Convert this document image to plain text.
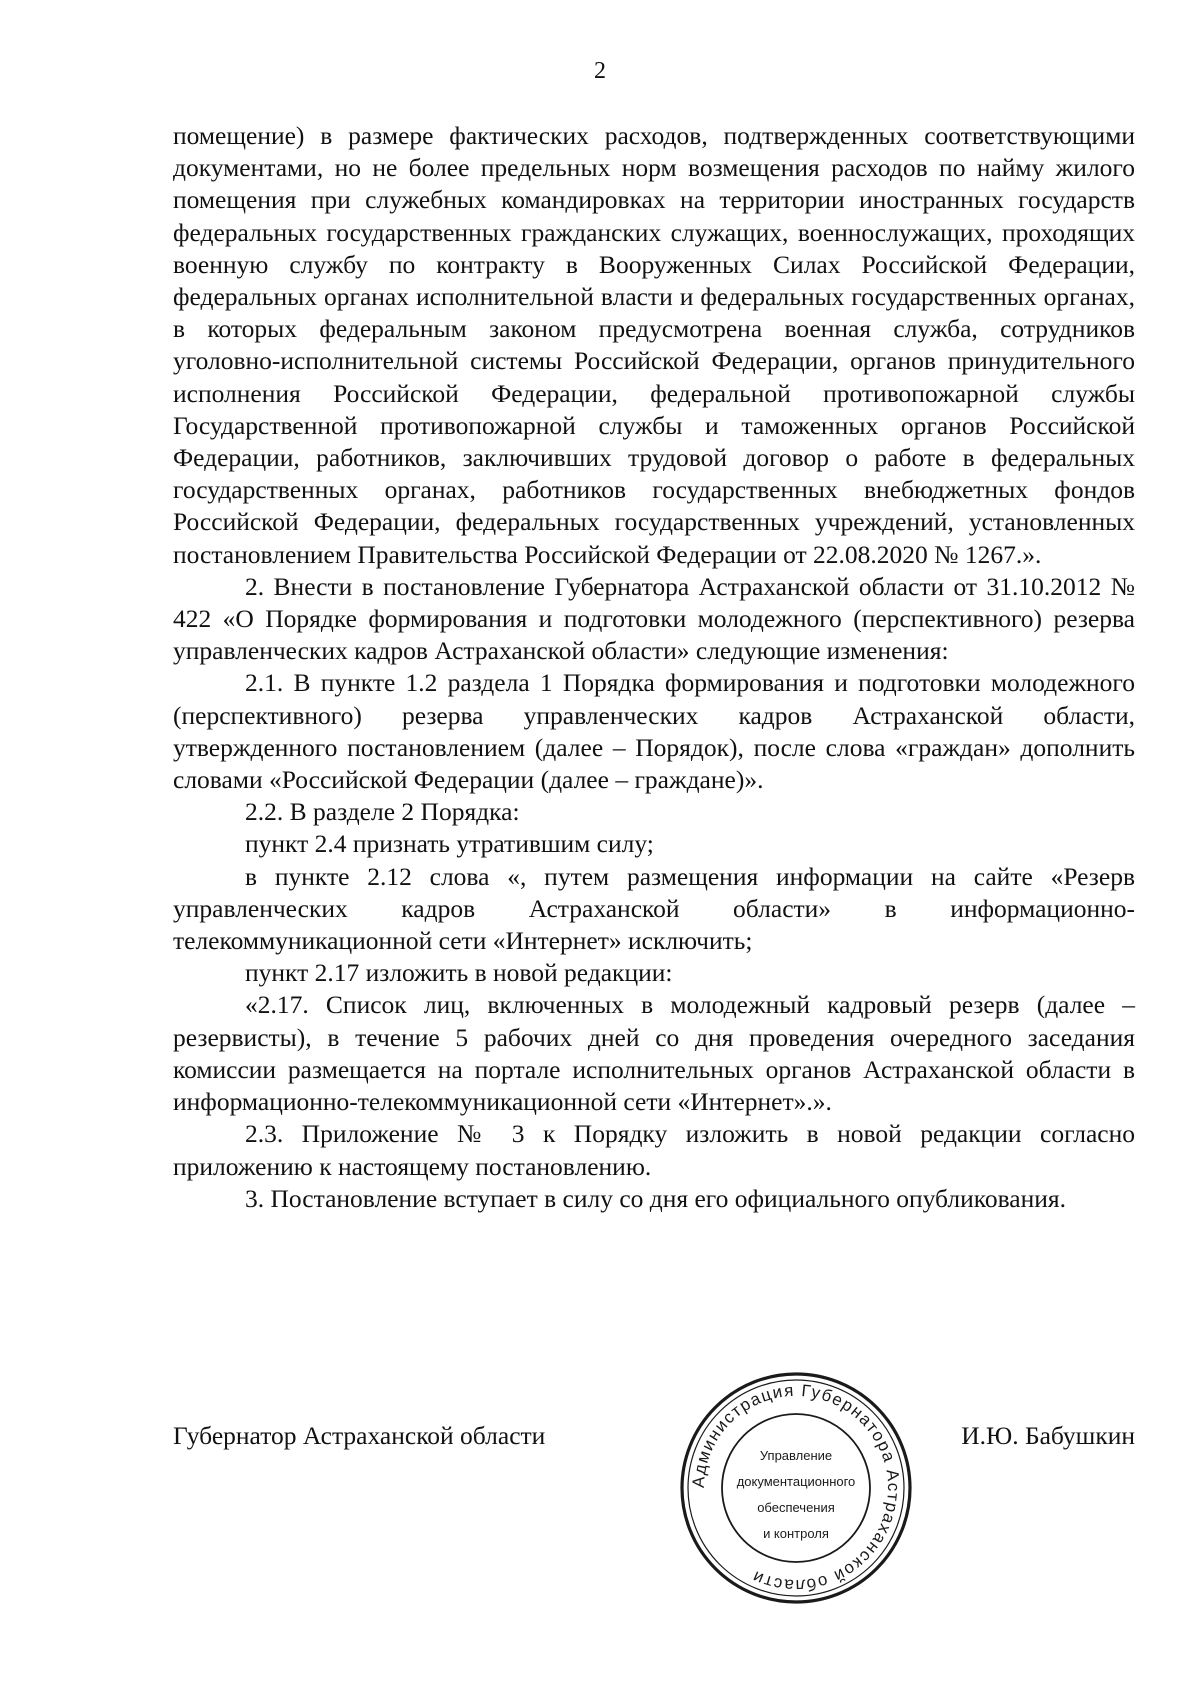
2

помещение) в размере фактических расходов, подтвержденных соответствующими документами, но не более предельных норм возмещения расходов по найму жилого помещения при служебных командировках на территории иностранных государств федеральных государственных гражданских служащих, военнослужащих, проходящих военную службу по контракту в Вооруженных Силах Российской Федерации, федеральных органах исполнительной власти и федеральных государственных органах, в которых федеральным законом предусмотрена военная служба, сотрудников уголовно-исполнительной системы Российской Федерации, органов принудительного исполнения Российской Федерации, федеральной противопожарной службы Государственной противопожарной службы и таможенных органов Российской Федерации, работников, заключивших трудовой договор о работе в федеральных государственных органах, работников государственных внебюджетных фондов Российской Федерации, федеральных государственных учреждений, установленных постановлением Правительства Российской Федерации от 22.08.2020 № 1267.».

2. Внести в постановление Губернатора Астраханской области от 31.10.2012 № 422 «О Порядке формирования и подготовки молодежного (перспективного) резерва управленческих кадров Астраханской области» следующие изменения:

2.1. В пункте 1.2 раздела 1 Порядка формирования и подготовки молодежного (перспективного) резерва управленческих кадров Астраханской области, утвержденного постановлением (далее – Порядок), после слова «граждан» дополнить словами «Российской Федерации (далее – граждане)».

2.2. В разделе 2 Порядка:

пункт 2.4 признать утратившим силу;

в пункте 2.12 слова «, путем размещения информации на сайте «Резерв управленческих кадров Астраханской области» в информационно-телекоммуникационной сети «Интернет» исключить;

пункт 2.17 изложить в новой редакции:

«2.17. Список лиц, включенных в молодежный кадровый резерв (далее – резервисты), в течение 5 рабочих дней со дня проведения очередного заседания комиссии размещается на портале исполнительных органов Астраханской области в информационно-телекоммуникационной сети «Интернет».».

2.3. Приложение № 3 к Порядку изложить в новой редакции согласно приложению к настоящему постановлению.

3. Постановление вступает в силу со дня его официального опубликования.

Губернатор Астраханской области	И.Ю. Бабушкин
Администрация Губернатора Астраханской области
Управление
документационного
обеспечения
и контроля
